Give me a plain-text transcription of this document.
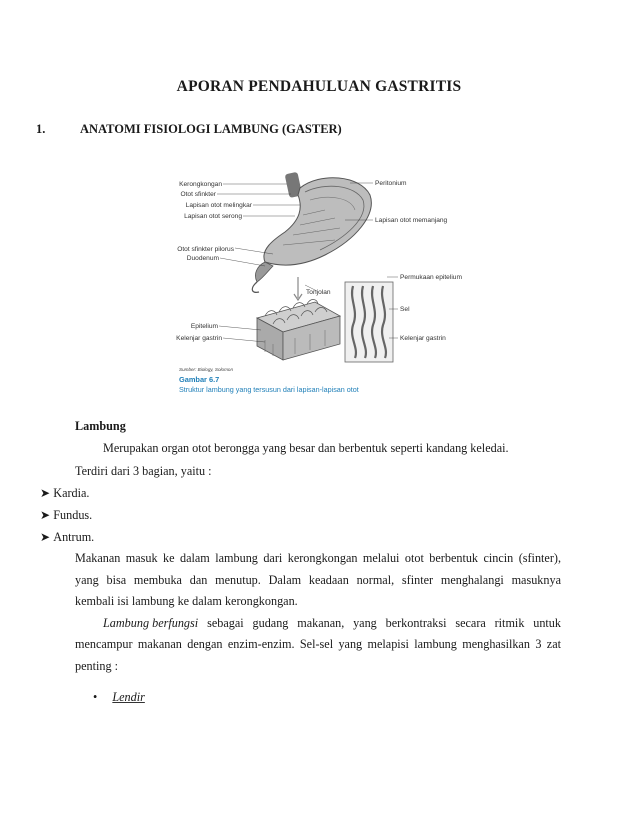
APORAN PENDAHULUAN GASTRITIS
1.	ANATOMI FISIOLOGI LAMBUNG (GASTER)
Kerongkongan
Otot sfinkter
Lapisan otot melingkar
Lapisan otot serong
Otot sfinkter pilorus
Duodenum
Epitelium
Kelenjar gastrin
Peritonium
Lapisan otot memanjang
Permukaan epitelium
Sel
Kelenjar gastrin
Tonjolan
Sumber: Biology, Solomon
Gambar 6.7
Struktur lambung yang tersusun dari lapisan-lapisan otot
Lambung
Merupakan organ otot berongga yang besar dan berbentuk seperti kandang keledai.
Terdiri dari 3 bagian, yaitu :
➤ Kardia.
➤ Fundus.
➤ Antrum.
Makanan masuk ke dalam lambung dari kerongkongan melalui otot berbentuk cincin (sfinter),
yang bisa membuka dan menutup. Dalam keadaan normal, sfinter menghalangi masuknya
kembali isi lambung ke dalam kerongkongan.
Lambung berfungsi sebagai gudang makanan, yang berkontraksi secara ritmik untuk
mencampur makanan dengan enzim-enzim. Sel-sel yang melapisi lambung menghasilkan 3 zat
penting :
• Lendir
